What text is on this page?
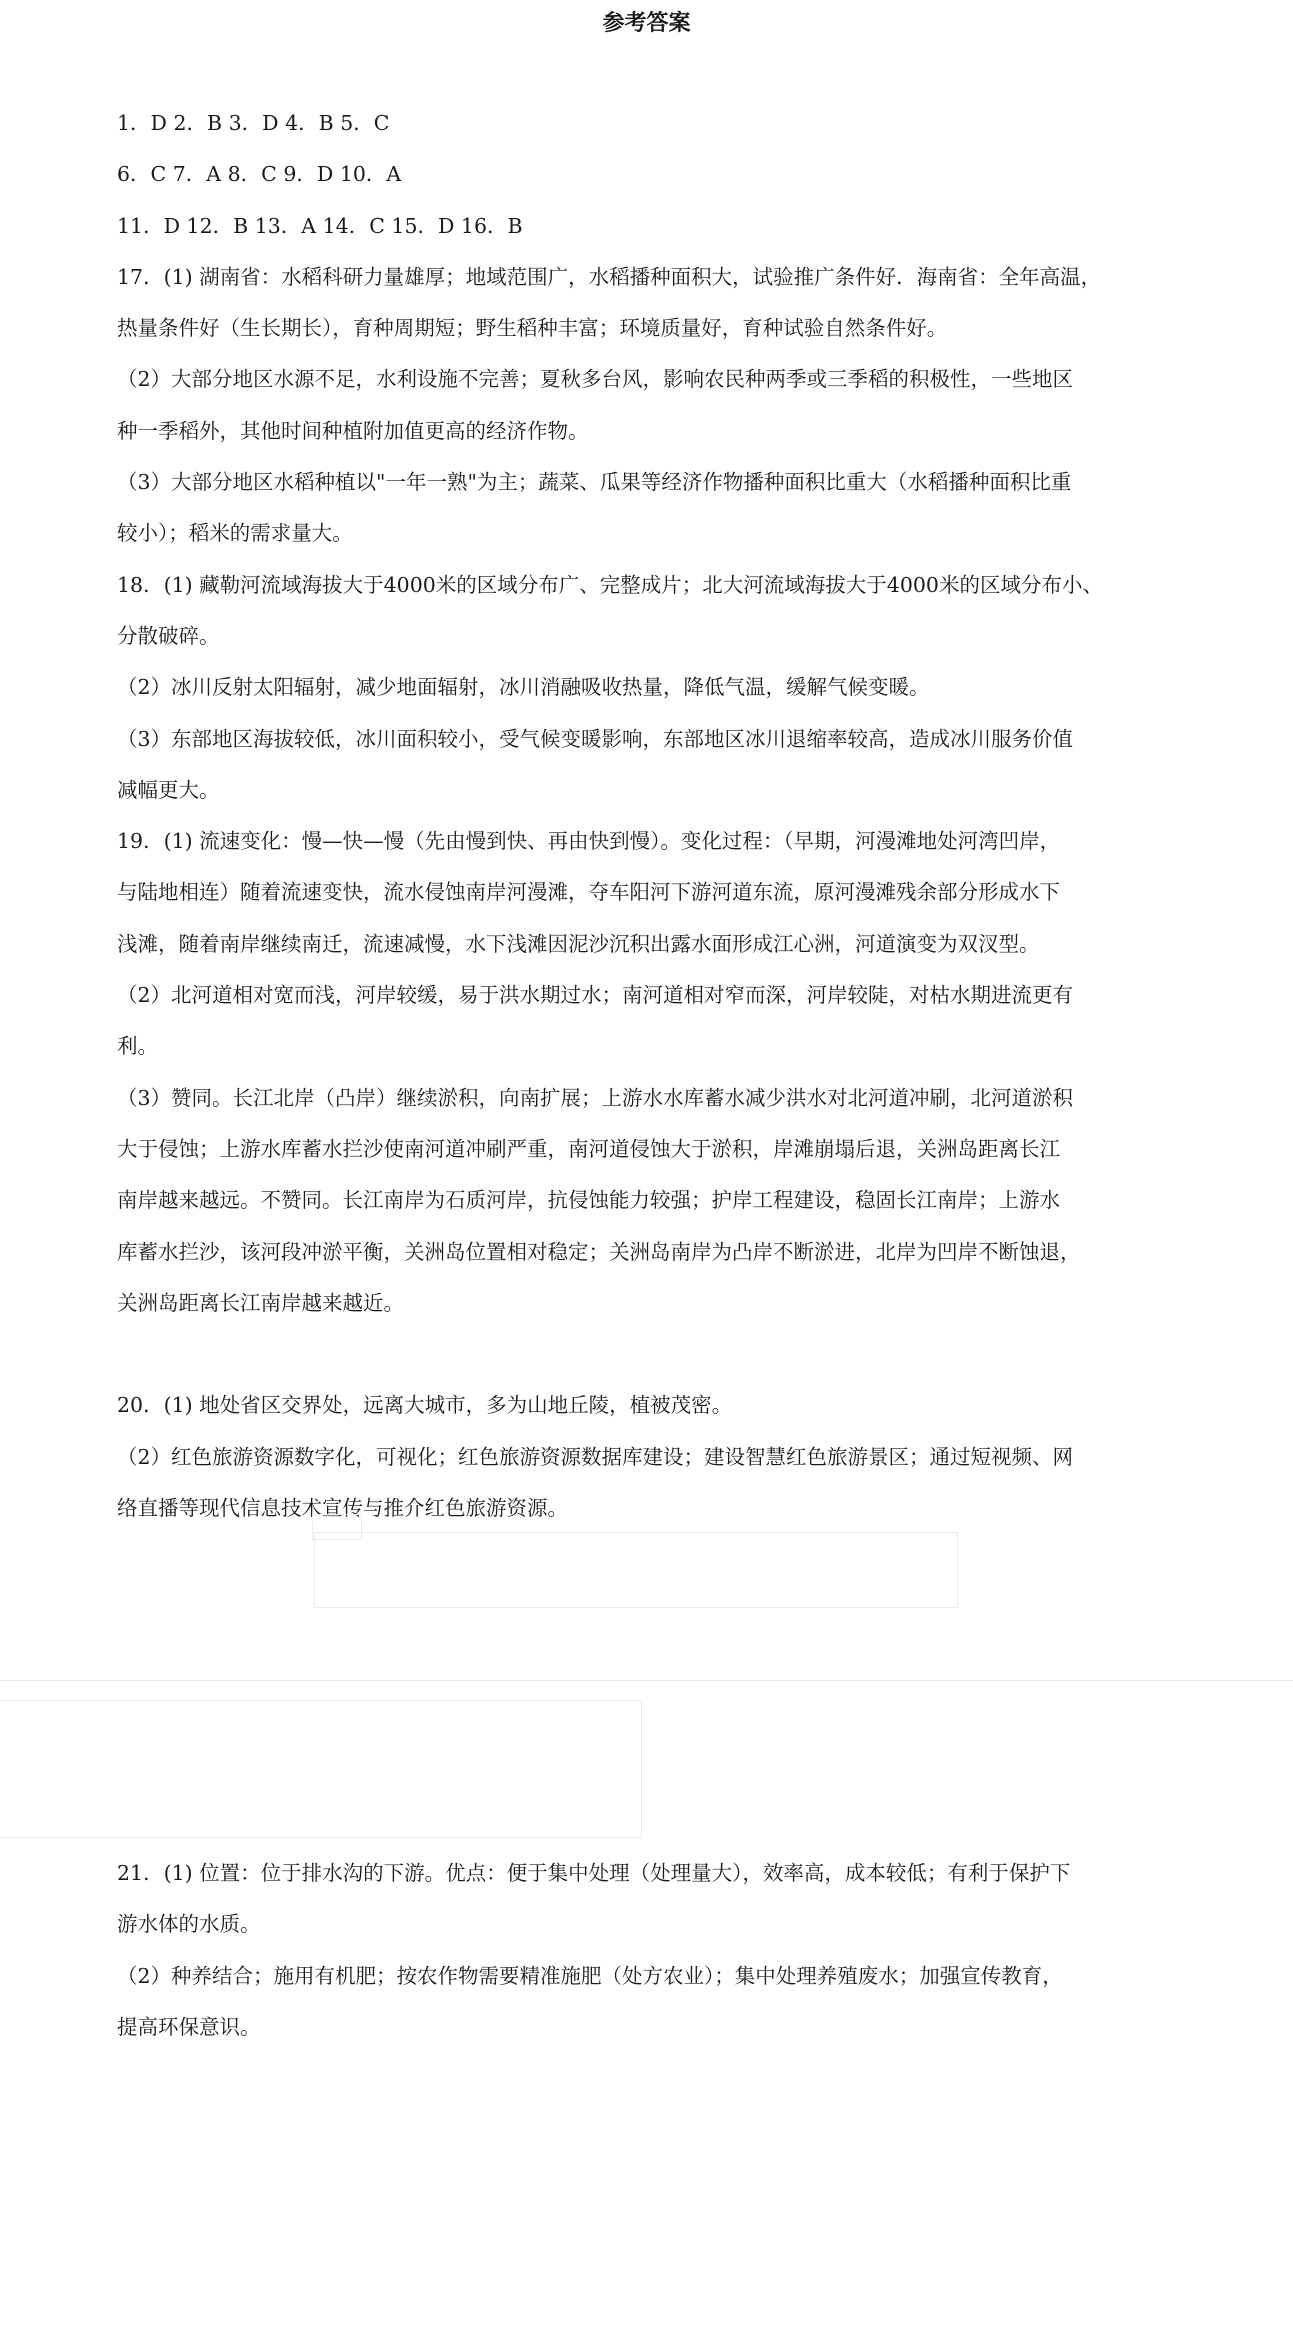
参考答案
1．D 2．B 3．D 4．B 5．C
6．C 7．A 8．C 9．D 10．A
11．D 12．B 13．A 14．C 15．D 16．B
17．(1) 湖南省：水稻科研力量雄厚；地域范围广，水稻播种面积大，试验推广条件好．海南省：全年高温，
热量条件好（生长期长），育种周期短；野生稻种丰富；环境质量好，育种试验自然条件好。
（2）大部分地区水源不足，水利设施不完善；夏秋多台风，影响农民种两季或三季稻的积极性，一些地区
种一季稻外，其他时间种植附加值更高的经济作物。
（3）大部分地区水稻种植以"一年一熟"为主；蔬菜、瓜果等经济作物播种面积比重大（水稻播种面积比重
较小）；稻米的需求量大。
18．(1) 藏勒河流域海拔大于4000米的区域分布广、完整成片；北大河流域海拔大于4000米的区域分布小、
分散破碎。
（2）冰川反射太阳辐射，减少地面辐射，冰川消融吸收热量，降低气温，缓解气候变暖。
（3）东部地区海拔较低，冰川面积较小，受气候变暖影响，东部地区冰川退缩率较高，造成冰川服务价值
减幅更大。
19．(1) 流速变化：慢—快—慢（先由慢到快、再由快到慢）。变化过程：（早期，河漫滩地处河湾凹岸，
与陆地相连）随着流速变快，流水侵蚀南岸河漫滩，夺车阳河下游河道东流，原河漫滩残余部分形成水下
浅滩，随着南岸继续南迁，流速减慢，水下浅滩因泥沙沉积出露水面形成江心洲，河道演变为双汊型。
（2）北河道相对宽而浅，河岸较缓，易于洪水期过水；南河道相对窄而深，河岸较陡，对枯水期进流更有
利。
（3）赞同。长江北岸（凸岸）继续淤积，向南扩展；上游水水库蓄水减少洪水对北河道冲刷，北河道淤积
大于侵蚀；上游水库蓄水拦沙使南河道冲刷严重，南河道侵蚀大于淤积，岸滩崩塌后退，关洲岛距离长江
南岸越来越远。不赞同。长江南岸为石质河岸，抗侵蚀能力较强；护岸工程建设，稳固长江南岸；上游水
库蓄水拦沙，该河段冲淤平衡，关洲岛位置相对稳定；关洲岛南岸为凸岸不断淤进，北岸为凹岸不断蚀退，
关洲岛距离长江南岸越来越近。
20．(1) 地处省区交界处，远离大城市，多为山地丘陵，植被茂密。
（2）红色旅游资源数字化，可视化；红色旅游资源数据库建设；建设智慧红色旅游景区；通过短视频、网
络直播等现代信息技术宣传与推介红色旅游资源。
21．(1) 位置：位于排水沟的下游。优点：便于集中处理（处理量大），效率高，成本较低；有利于保护下
游水体的水质。
（2）种养结合；施用有机肥；按农作物需要精准施肥（处方农业）；集中处理养殖废水；加强宣传教育，
提高环保意识。
